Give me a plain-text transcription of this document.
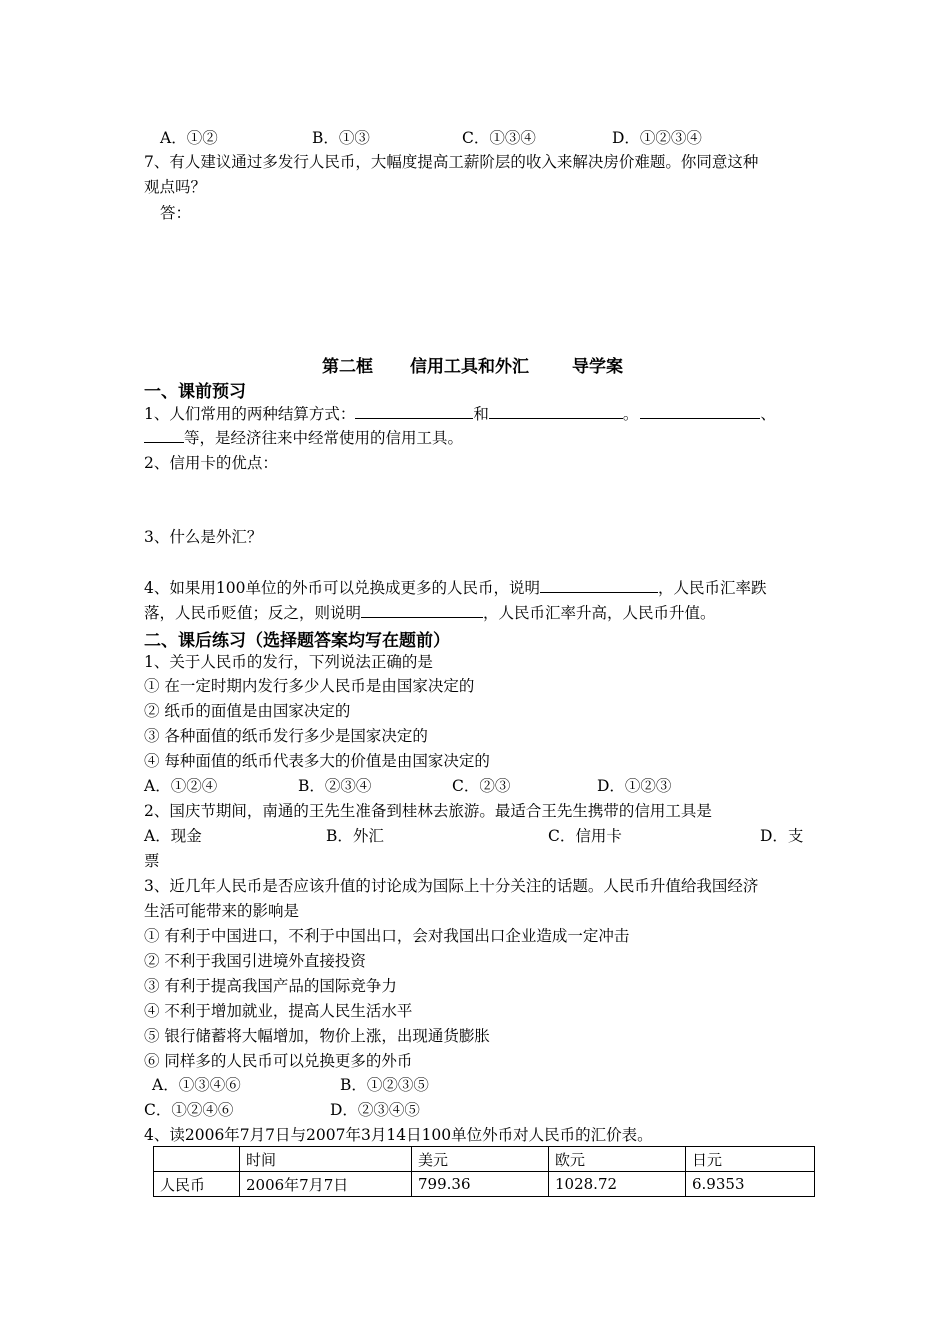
A．①②	B．①③	C．①③④	D．①②③④
7、有人建议通过多发行人民币，大幅度提高工薪阶层的收入来解决房价难题。你同意这种
观点吗？
答：
第二框 信用工具和外汇	导学案
一、课前预习
1、人们常用的两种结算方式：	和	。	、
等，是经济往来中经常使用的信用工具。
2、信用卡的优点：
3、什么是外汇？
4、如果用100单位的外币可以兑换成更多的人民币，说明	，人民币汇率跌
落，人民币贬值；反之，则说明	，人民币汇率升高，人民币升值。
二、课后练习（选择题答案均写在题前）
1、关于人民币的发行，下列说法正确的是
① 在一定时期内发行多少人民币是由国家决定的
② 纸币的面值是由国家决定的
③ 各种面值的纸币发行多少是国家决定的
④ 每种面值的纸币代表多大的价值是由国家决定的
A．①②④	B．②③④	C．②③	D．①②③
2、国庆节期间，南通的王先生准备到桂林去旅游。最适合王先生携带的信用工具是
A．现金	B．外汇	C．信用卡	D．支
票
3、近几年人民币是否应该升值的讨论成为国际上十分关注的话题。人民币升值给我国经济
生活可能带来的影响是
① 有利于中国进口，不利于中国出口，会对我国出口企业造成一定冲击
② 不利于我国引进境外直接投资
③ 有利于提高我国产品的国际竞争力
④ 不利于增加就业，提高人民生活水平
⑤ 银行储蓄将大幅增加，物价上涨，出现通货膨胀
⑥ 同样多的人民币可以兑换更多的外币
A．①③④⑥	B．①②③⑤
C．①②④⑥	D．②③④⑤
4、读2006年7月7日与2007年3月14日100单位外币对人民币的汇价表。
	时间	美元	欧元	日元
人民币	2006年7月7日	799.36	1028.72	6.9353
